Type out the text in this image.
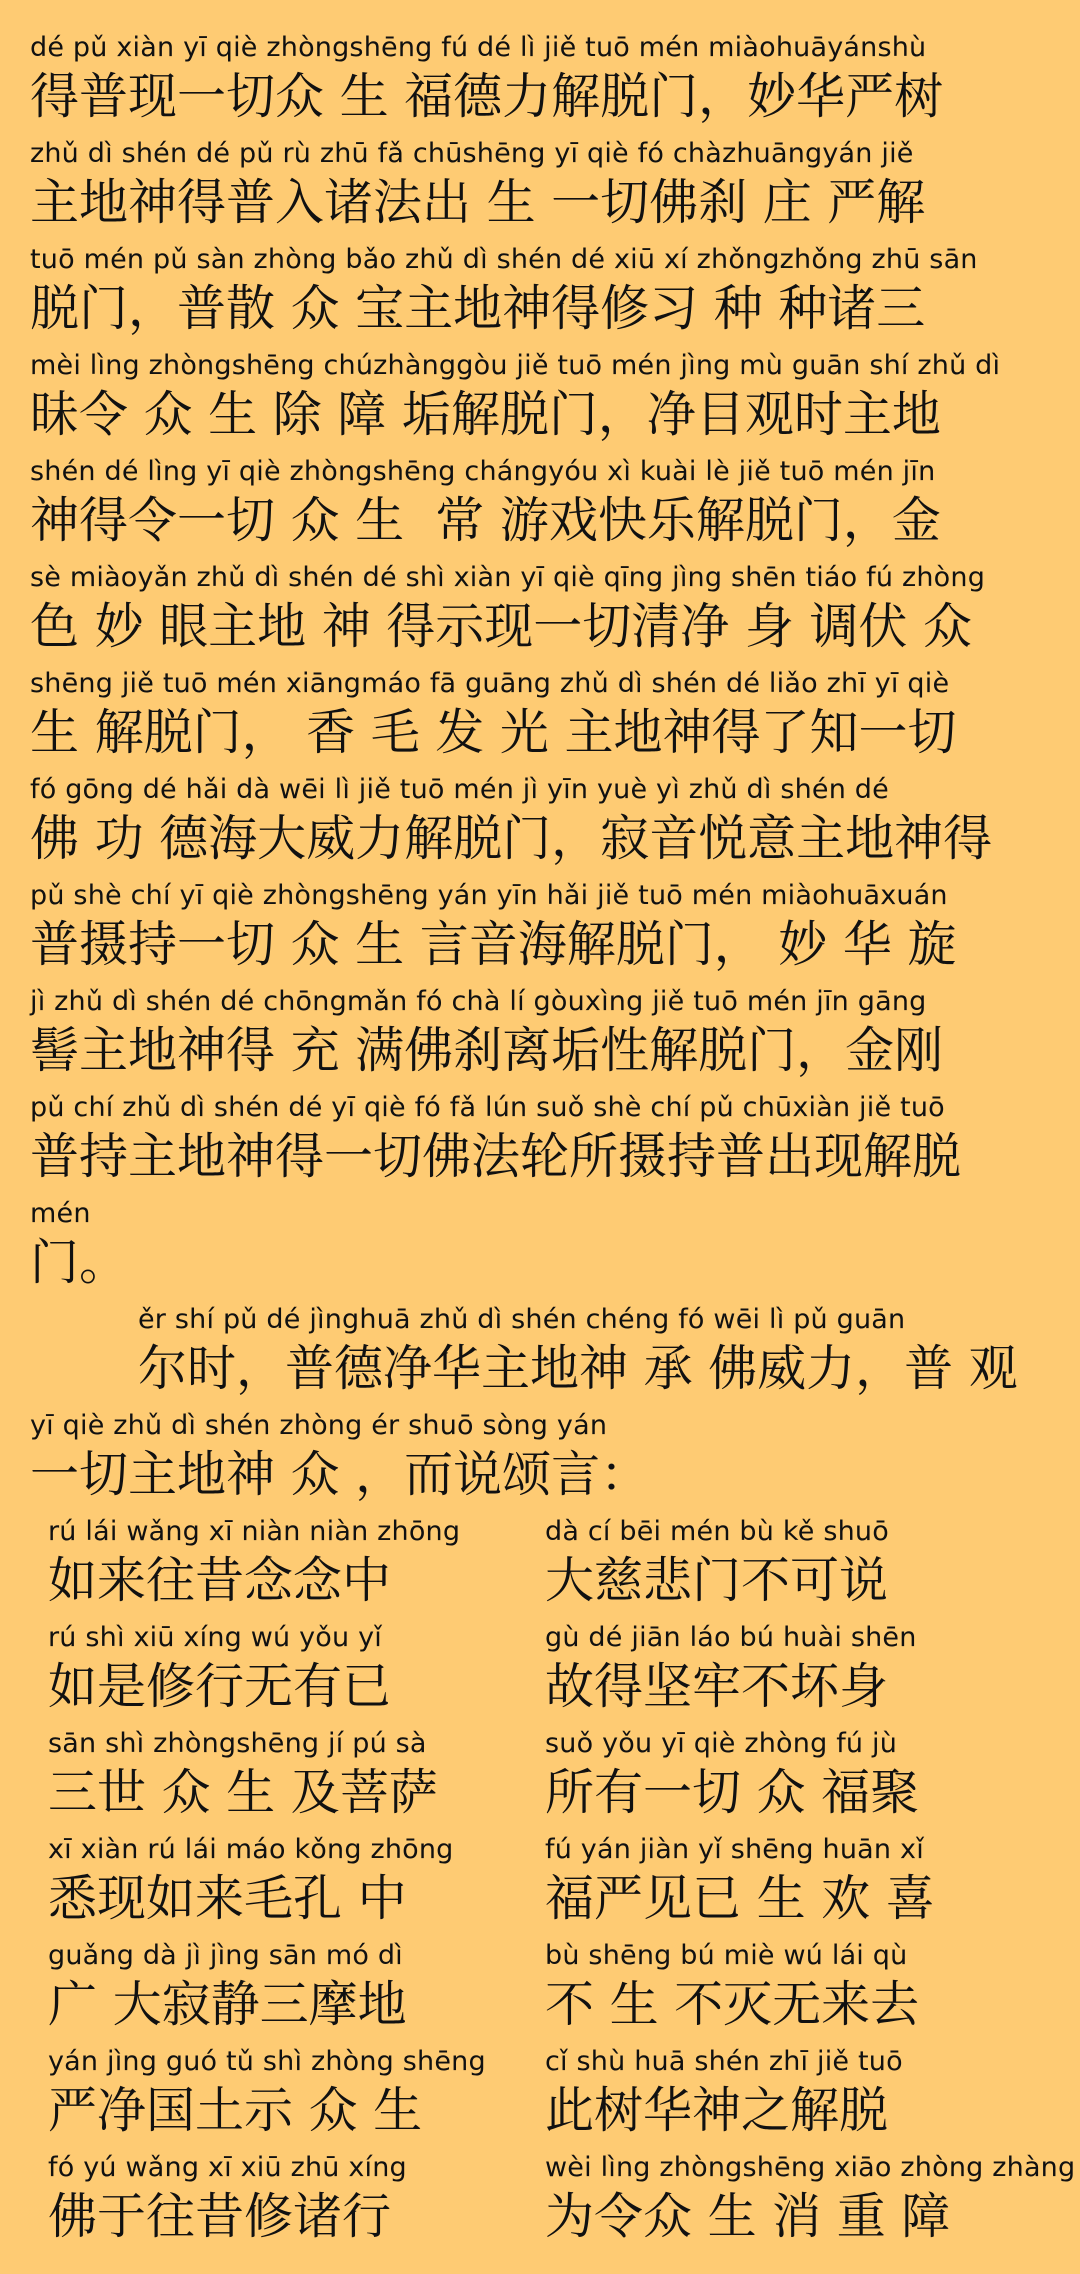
dé pǔ xiàn yī qiè zhòngshēng fú dé lì jiě tuō mén miàohuāyánshù
得普现一切众 生 福德力解脱门，妙华严树
zhǔ dì shén dé pǔ rù zhū fǎ chūshēng yī qiè fó chàzhuāngyán jiě
主地神得普入诸法出 生 一切佛刹 庄 严解
tuō mén pǔ sàn zhòng bǎo zhǔ dì shén dé xiū xí zhǒngzhǒng zhū sān
脱门，普散 众 宝主地神得修习 种 种诸三
mèi lìng zhòngshēng chúzhànggòu jiě tuō mén jìng mù guān shí zhǔ dì
昧令 众 生 除 障 垢解脱门，净目观时主地
shén dé lìng yī qiè zhòngshēng chángyóu xì kuài lè jiě tuō mén jīn
神得令一切 众 生  常 游戏快乐解脱门，金
sè miàoyǎn zhǔ dì shén dé shì xiàn yī qiè qīng jìng shēn tiáo fú zhòng
色 妙 眼主地 神 得示现一切清净 身 调伏 众
shēng jiě tuō mén xiāngmáo fā guāng zhǔ dì shén dé liǎo zhī yī qiè
生 解脱门， 香 毛 发 光 主地神得了知一切
fó gōng dé hǎi dà wēi lì jiě tuō mén jì yīn yuè yì zhǔ dì shén dé
佛 功 德海大威力解脱门，寂音悦意主地神得
pǔ shè chí yī qiè zhòngshēng yán yīn hǎi jiě tuō mén miàohuāxuán
普摄持一切 众 生 言音海解脱门， 妙 华 旋
jì zhǔ dì shén dé chōngmǎn fó chà lí gòuxìng jiě tuō mén jīn gāng
髻主地神得 充 满佛刹离垢性解脱门，金刚
pǔ chí zhǔ dì shén dé yī qiè fó fǎ lún suǒ shè chí pǔ chūxiàn jiě tuō
普持主地神得一切佛法轮所摄持普出现解脱
mén
门。
ěr shí pǔ dé jìnghuā zhǔ dì shén chéng fó wēi lì pǔ guān
尔时，普德净华主地神 承 佛威力，普 观
yī qiè zhǔ dì shén zhòng ér shuō sòng yán
一切主地神 众 ，而说颂言：
rú lái wǎng xī niàn niàn zhōng
如来往昔念念中
dà cí bēi mén bù kě shuō
大慈悲门不可说
rú shì xiū xíng wú yǒu yǐ
如是修行无有已
gù dé jiān láo bú huài shēn
故得坚牢不坏身
sān shì zhòngshēng jí pú sà
三世 众 生 及菩萨
suǒ yǒu yī qiè zhòng fú jù
所有一切 众 福聚
xī xiàn rú lái máo kǒng zhōng
悉现如来毛孔 中
fú yán jiàn yǐ shēng huān xǐ
福严见已 生 欢 喜
guǎng dà jì jìng sān mó dì
广 大寂静三摩地
bù shēng bú miè wú lái qù
不 生 不灭无来去
yán jìng guó tǔ shì zhòng shēng
严净国土示 众 生
cǐ shù huā shén zhī jiě tuō
此树华神之解脱
fó yú wǎng xī xiū zhū xíng
佛于往昔修诸行
wèi lìng zhòngshēng xiāo zhòng zhàng
为令众 生 消 重 障
